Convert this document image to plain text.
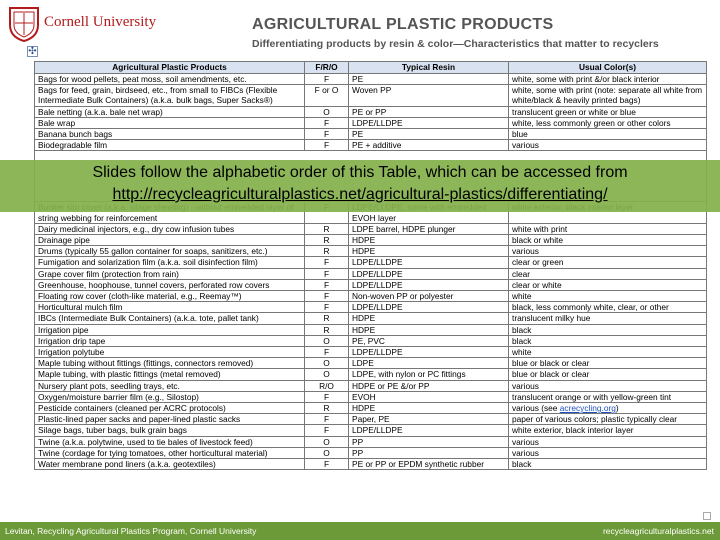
Cornell University	AGRICULTURAL PLASTIC PRODUCTS
Differentiating products by resin & color—Characteristics that matter to recyclers
✣
Agricultural Plastic Products	F/R/O	Typical Resin	Usual Color(s)
Bags for wood pellets, peat moss, soil amendments, etc.	F	PE	white, some with print &/or black interior
Bags for feed, grain, birdseed, etc., from small to FIBCs (Flexible Intermediate Bulk Containers) (a.k.a. bulk bags, Super Sacks®)	F or O	Woven PP	white, some with print (note: separate all white from white/black & heavily printed bags)
Bale netting (a.k.a. bale net wrap)	O	PE or PP	translucent green or white or blue
Bale wrap	F	LDPE/LLDPE	white, less commonly green or other colors
Banana bunch bags	F	PE	blue
Biodegradable film	F	PE + additive	various

string webbing for reinforcement		EVOH layer	
Dairy medicinal injectors, e.g., dry cow infusion tubes	R	LDPE barrel, HDPE plunger	white with print
Drainage pipe	R	HDPE	black or white
Drums (typically 55 gallon container for soaps, sanitizers, etc.)	R	HDPE	various
Fumigation and solarization film (a.k.a. soil disinfection film)	F	LDPE/LLDPE	clear or green
Grape cover film (protection from rain)	F	LDPE/LLDPE	clear
Greenhouse, hoophouse, tunnel covers, perforated row covers	F	LDPE/LLDPE	clear or white
Floating row cover (cloth-like material, e.g., Reemay™)	F	Non-woven PP or polyester	white
Horticultural mulch film	F	LDPE/LLDPE	black, less commonly white, clear, or other
IBCs (Intermediate Bulk Containers) (a.k.a. tote, pallet tank)	R	HDPE	translucent milky hue
Irrigation pipe	R	HDPE	black
Irrigation drip tape	O	PE, PVC	black
Irrigation polytube	F	LDPE/LLDPE	white
Maple tubing without fittings (fittings, connectors removed)	O	LDPE	blue or black or clear
Maple tubing, with plastic fittings (metal removed)	O	LDPE, with nylon or PC fittings	blue or black or clear
Nursery plant pots, seedling trays, etc.	R/O	HDPE or PE &/or PP	various
Oxygen/moisture barrier film (e.g., Silostop)	F	EVOH	translucent orange or with yellow-green tint
Pesticide containers (cleaned per ACRC protocols)	R	HDPE	various (see acrecycling.org)
Plastic-lined paper sacks and paper-lined plastic sacks	F	Paper, PE	paper of various colors; plastic typically clear
Silage bags, tuber bags, bulk grain bags	F	LDPE/LLDPE	white exterior, black interior layer
Twine (a.k.a. polytwine, used to tie bales of livestock feed)	O	PP	various
Twine (cordage for tying tomatoes, other horticultural material)	O	PP	various
Water membrane pond liners (a.k.a. geotextiles)	F	PE or PP or EPDM synthetic rubber	black
Slides follow the alphabetic order of this Table, which can be accessed from
http://recycleagriculturalplastics.net/agricultural-plastics/differentiating/
Levitan, Recycling Agricultural Plastics Program, Cornell University	recycleagriculturalplastics.net
